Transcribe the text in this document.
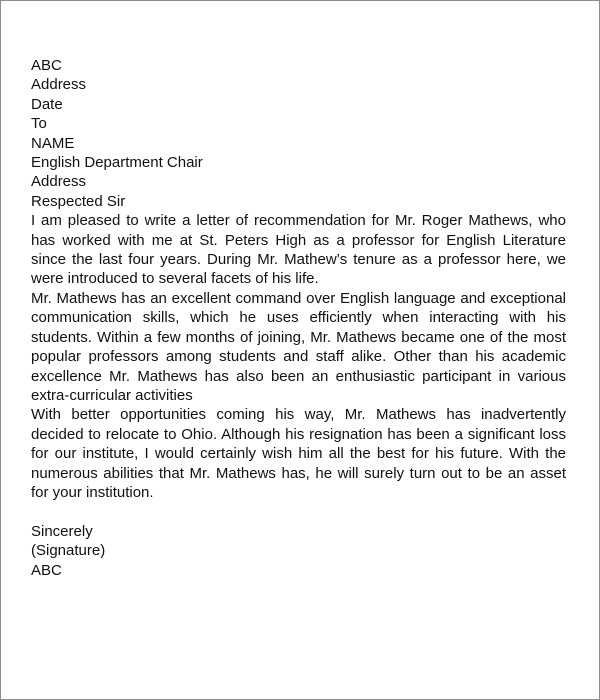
ABC
Address
Date
To
NAME
English Department Chair
Address

Respected Sir

I am pleased to write a letter of recommendation for Mr. Roger Mathews, who has worked with me at St. Peters High as a professor for English Literature since the last four years. During Mr. Mathew’s tenure as a professor here, we were introduced to several facets of his life.

Mr. Mathews has an excellent command over English language and exceptional communication skills, which he uses efficiently when interacting with his students. Within a few months of joining, Mr. Mathews became one of the most popular professors among students and staff alike. Other than his academic excellence Mr. Mathews has also been an enthusiastic participant in various extra-curricular activities

With better opportunities coming his way, Mr. Mathews has inadvertently decided to relocate to Ohio. Although his resignation has been a significant loss for our institute, I would certainly wish him all the best for his future. With the numerous abilities that Mr. Mathews has, he will surely turn out to be an asset for your institution.

Sincerely
(Signature)
ABC
